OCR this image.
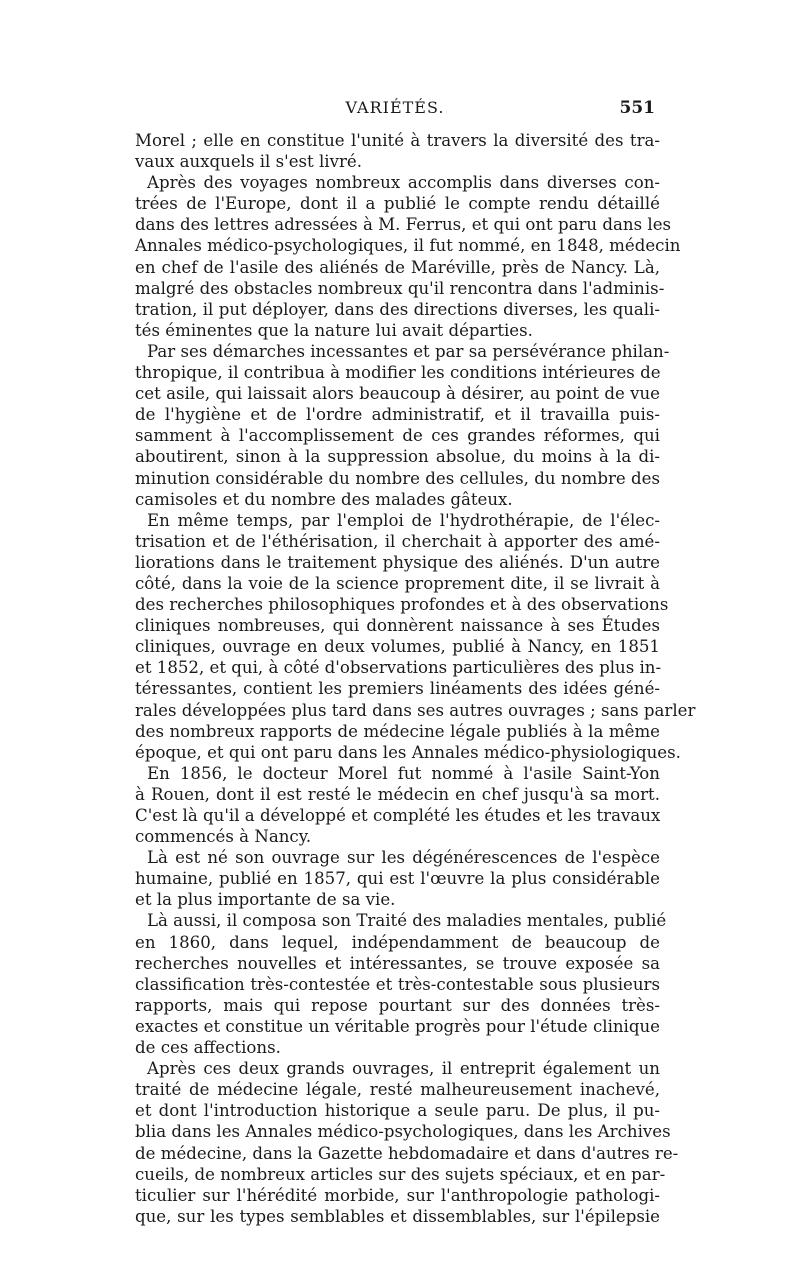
VARIÉTÉS.	551
Morel ; elle en constitue l'unité à travers la diversité des tra-
vaux auxquels il s'est livré.
Après des voyages nombreux accomplis dans diverses con-
trées de l'Europe, dont il a publié le compte rendu détaillé
dans des lettres adressées à M. Ferrus, et qui ont paru dans les
Annales médico-psychologiques, il fut nommé, en 1848, médecin
en chef de l'asile des aliénés de Maréville, près de Nancy. Là,
malgré des obstacles nombreux qu'il rencontra dans l'adminis-
tration, il put déployer, dans des directions diverses, les quali-
tés éminentes que la nature lui avait départies.
Par ses démarches incessantes et par sa persévérance philan-
thropique, il contribua à modifier les conditions intérieures de
cet asile, qui laissait alors beaucoup à désirer, au point de vue
de l'hygiène et de l'ordre administratif, et il travailla puis-
samment à l'accomplissement de ces grandes réformes, qui
aboutirent, sinon à la suppression absolue, du moins à la di-
minution considérable du nombre des cellules, du nombre des
camisoles et du nombre des malades gâteux.
En même temps, par l'emploi de l'hydrothérapie, de l'élec-
trisation et de l'éthérisation, il cherchait à apporter des amé-
liorations dans le traitement physique des aliénés. D'un autre
côté, dans la voie de la science proprement dite, il se livrait à
des recherches philosophiques profondes et à des observations
cliniques nombreuses, qui donnèrent naissance à ses Études
cliniques, ouvrage en deux volumes, publié à Nancy, en 1851
et 1852, et qui, à côté d'observations particulières des plus in-
téressantes, contient les premiers linéaments des idées géné-
rales développées plus tard dans ses autres ouvrages ; sans parler
des nombreux rapports de médecine légale publiés à la même
époque, et qui ont paru dans les Annales médico-physiologiques.
En 1856, le docteur Morel fut nommé à l'asile Saint-Yon
à Rouen, dont il est resté le médecin en chef jusqu'à sa mort.
C'est là qu'il a développé et complété les études et les travaux
commencés à Nancy.
Là est né son ouvrage sur les dégénérescences de l'espèce
humaine, publié en 1857, qui est l'œuvre la plus considérable
et la plus importante de sa vie.
Là aussi, il composa son Traité des maladies mentales, publié
en 1860, dans lequel, indépendamment de beaucoup de
recherches nouvelles et intéressantes, se trouve exposée sa
classification très-contestée et très-contestable sous plusieurs
rapports, mais qui repose pourtant sur des données très-
exactes et constitue un véritable progrès pour l'étude clinique
de ces affections.
Après ces deux grands ouvrages, il entreprit également un
traité de médecine légale, resté malheureusement inachevé,
et dont l'introduction historique a seule paru. De plus, il pu-
blia dans les Annales médico-psychologiques, dans les Archives
de médecine, dans la Gazette hebdomadaire et dans d'autres re-
cueils, de nombreux articles sur des sujets spéciaux, et en par-
ticulier sur l'hérédité morbide, sur l'anthropologie pathologi-
que, sur les types semblables et dissemblables, sur l'épilepsie
